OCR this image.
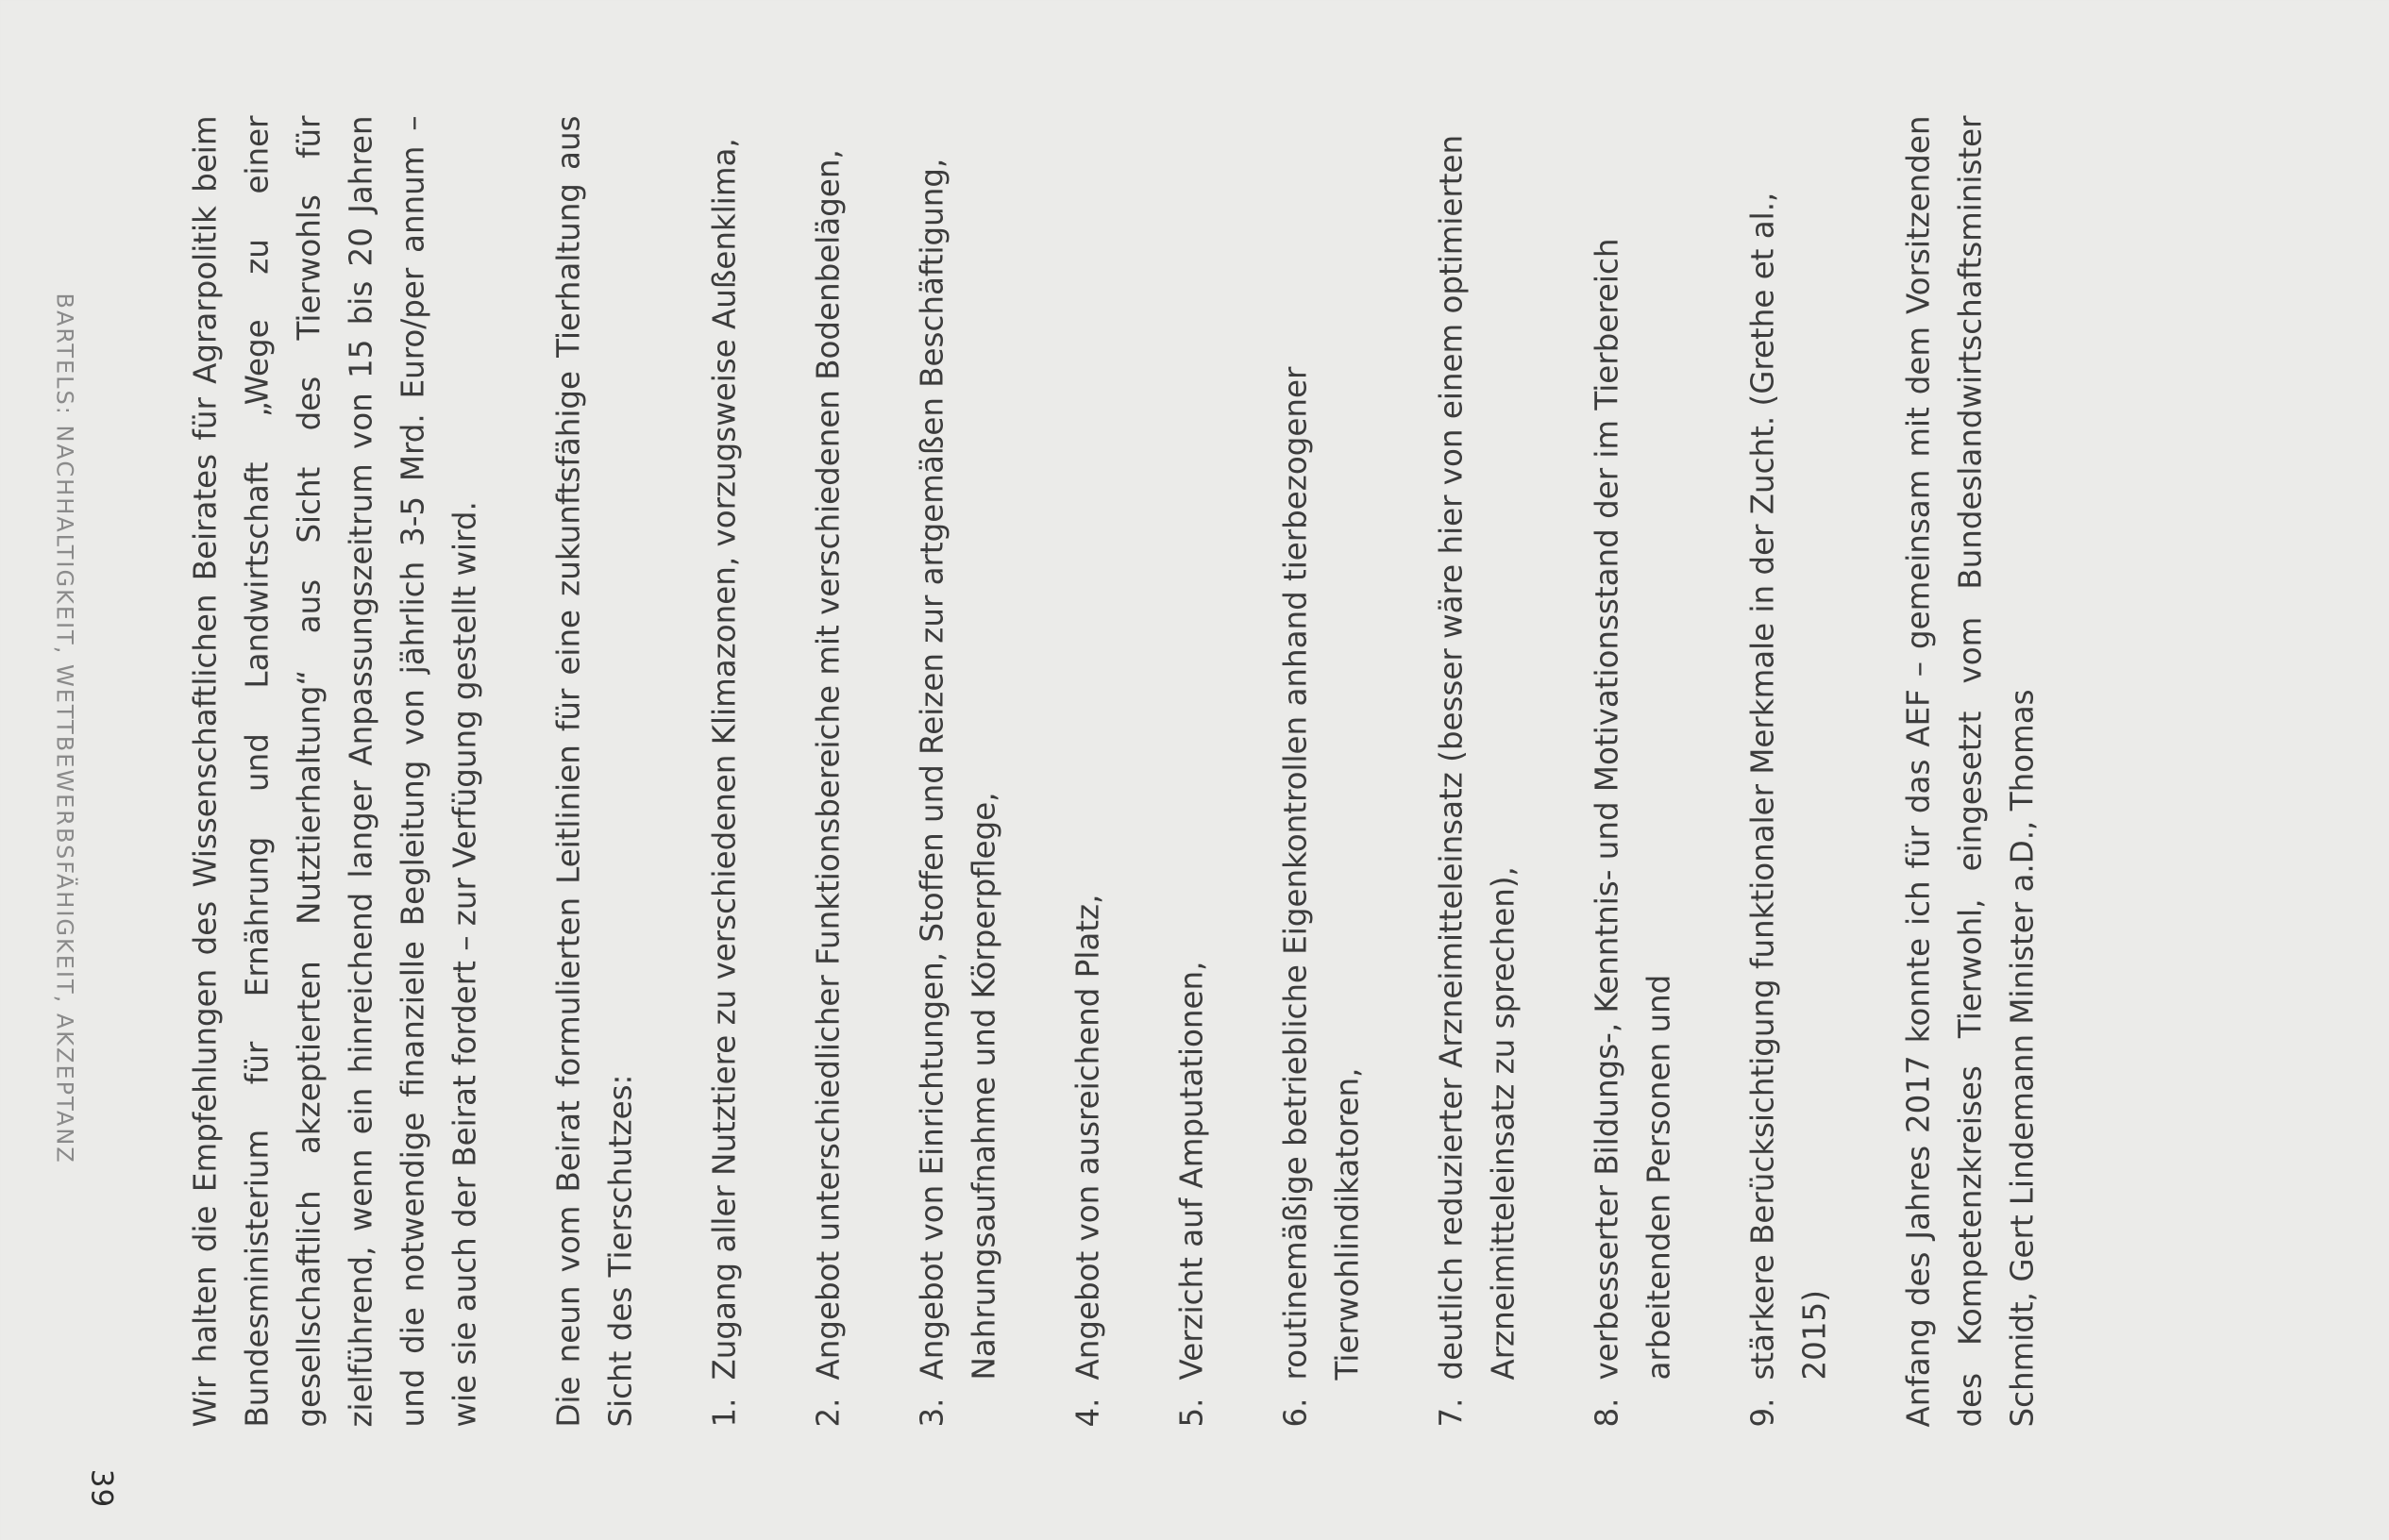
39
BARTELS: NACHHALTIGKEIT, WETTBEWERBSFÄHIGKEIT, AKZEPTANZ	Wir halten die Empfehlungen des Wissenschaftlichen Beirates für Agrarpolitik beim Bundesministerium für Ernährung und Landwirtschaft „Wege zu einer gesellschaftlich akzeptierten Nutztierhaltung“ aus Sicht des Tierwohls für zielführend, wenn ein hinreichend langer Anpassungszeitrum von 15 bis 20 Jahren und die notwendige finanzielle Begleitung von jährlich 3-5 Mrd. Euro/per annum – wie sie auch der Beirat fordert – zur Verfügung gestellt wird. Die neun vom Beirat formulierten Leitlinien für eine zukunftsfähige Tierhaltung aus Sicht des Tierschutzes: 1.
Zugang aller Nutztiere zu verschiedenen Klimazonen, vorzugsweise Außenklima,
2.
Angebot unterschiedlicher Funktionsbereiche mit verschiedenen Bodenbelägen,
3.
Angebot von Einrichtungen, Stoffen und Reizen zur artgemäßen Beschäftigung, Nahrungsaufnahme und Körperpflege,
4.
Angebot von ausreichend Platz,
5.
Verzicht auf Amputationen,
6.
routinemäßige betriebliche Eigenkontrollen anhand tierbezogener Tierwohlindikatoren,
7.
deutlich reduzierter Arzneimitteleinsatz (besser wäre hier von einem optimierten Arzneimitteleinsatz zu sprechen),
8.
verbesserter Bildungs-, Kenntnis- und Motivationsstand der im Tierbereich arbeitenden Personen und
9.
stärkere Berücksichtigung funktionaler Merkmale in der Zucht. (Grethe et al., 2015) Anfang des Jahres 2017 konnte ich für das AEF – gemeinsam mit dem Vorsitzenden des Kompetenzkreises Tierwohl, eingesetzt vom Bundeslandwirtschaftsminister Schmidt, Gert Lindemann Minister a.D., Thomas
